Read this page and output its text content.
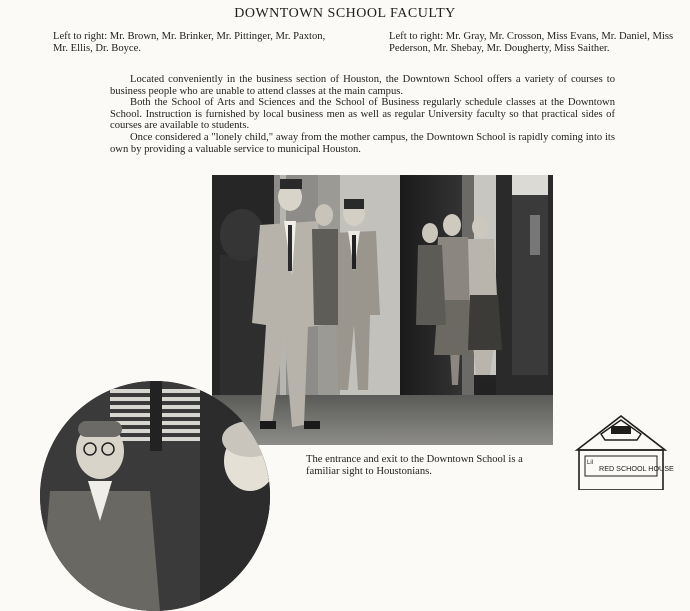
DOWNTOWN SCHOOL FACULTY
Left to right: Mr. Brown, Mr. Brinker, Mr. Pittinger, Mr. Paxton, Mr. Ellis, Dr. Boyce.
Left to right: Mr. Gray, Mr. Crosson, Miss Evans, Mr. Daniel, Miss Pederson, Mr. Shebay, Mr. Dougherty, Miss Saither.

Located conveniently in the business section of Houston, the Downtown School offers a variety of courses to business people who are unable to attend classes at the main campus.

Both the School of Arts and Sciences and the School of Business regularly schedule classes at the Downtown School. Instruction is furnished by local business men as well as regular University faculty so that practical sides of courses are available to students.

Once considered a "lonely child," away from the mother campus, the Downtown School is rapidly coming into its own by providing a valuable service to municipal Houston.

The entrance and exit to the Downtown School is a familiar sight to Houstonians.
Lil
RED SCHOOL HOUSE
